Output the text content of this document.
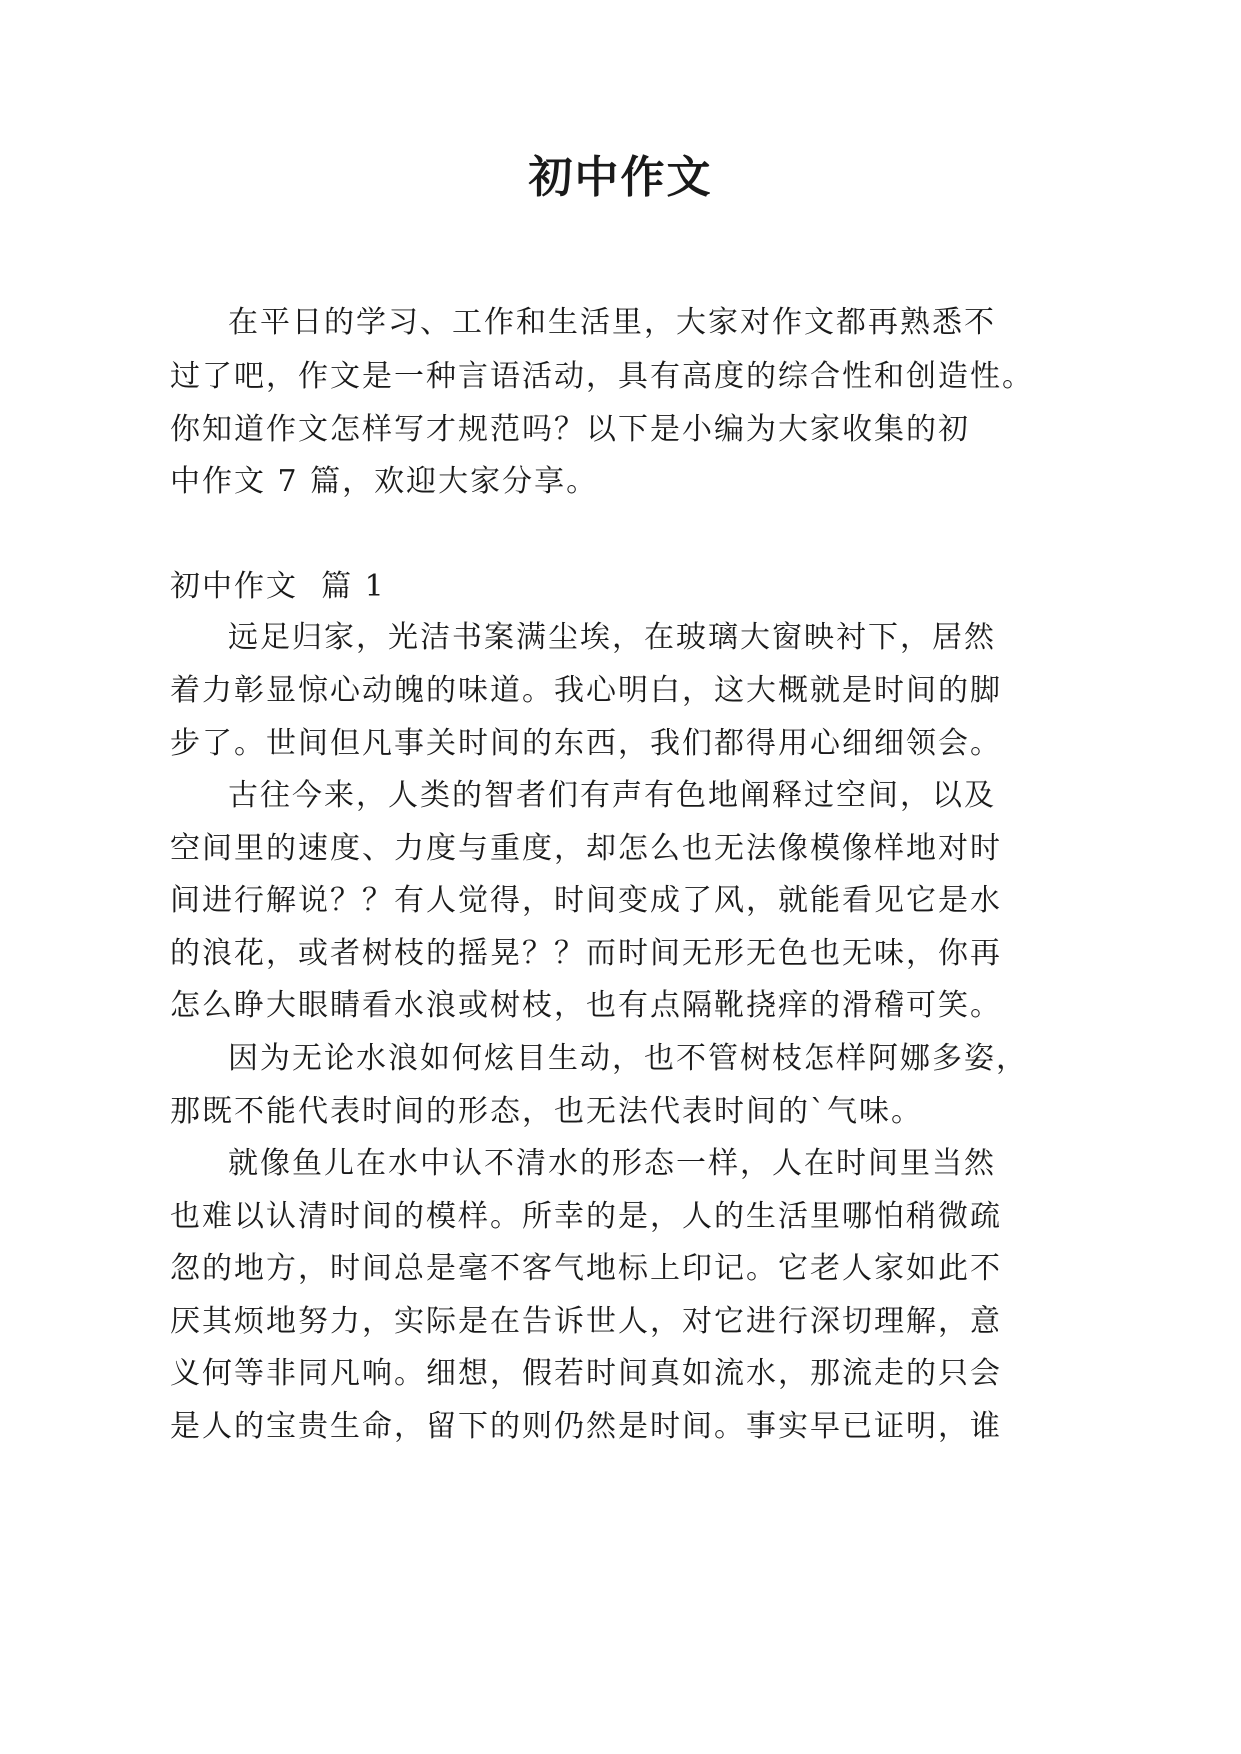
初中作文

在平日的学习、工作和生活里，大家对作文都再熟悉不

过了吧，作文是一种言语活动，具有高度的综合性和创造性。

你知道作文怎样写才规范吗？以下是小编为大家收集的初

中作文 7 篇，欢迎大家分享。

初中作文  篇 1

远足归家，光洁书案满尘埃，在玻璃大窗映衬下，居然

着力彰显惊心动魄的味道。我心明白，这大概就是时间的脚

步了。世间但凡事关时间的东西，我们都得用心细细领会。

古往今来，人类的智者们有声有色地阐释过空间，以及

空间里的速度、力度与重度，却怎么也无法像模像样地对时

间进行解说？？有人觉得，时间变成了风，就能看见它是水

的浪花，或者树枝的摇晃？？而时间无形无色也无味，你再

怎么睁大眼睛看水浪或树枝，也有点隔靴挠痒的滑稽可笑。

因为无论水浪如何炫目生动，也不管树枝怎样阿娜多姿，

那既不能代表时间的形态，也无法代表时间的`气味。

就像鱼儿在水中认不清水的形态一样，人在时间里当然

也难以认清时间的模样。所幸的是，人的生活里哪怕稍微疏

忽的地方，时间总是毫不客气地标上印记。它老人家如此不

厌其烦地努力，实际是在告诉世人，对它进行深切理解，意

义何等非同凡响。细想，假若时间真如流水，那流走的只会

是人的宝贵生命，留下的则仍然是时间。事实早已证明，谁
